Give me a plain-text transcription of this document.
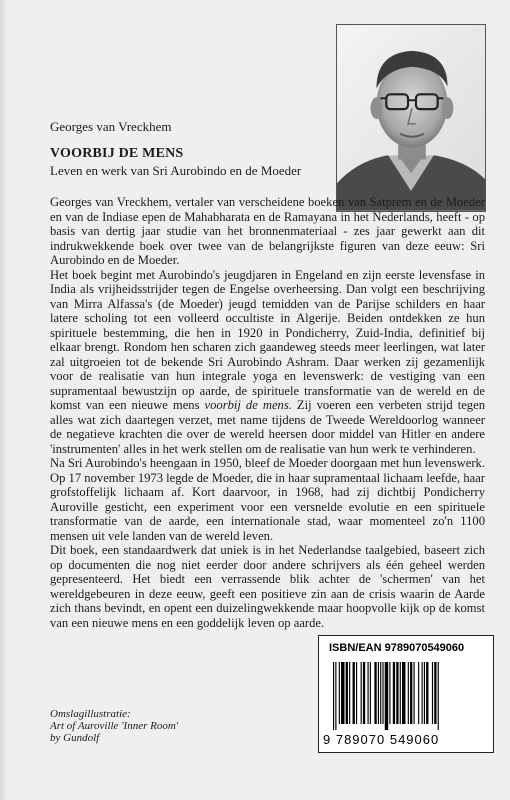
Georges van Vreckhem
VOORBIJ DE MENS
Leven en werk van Sri Aurobindo en de Moeder

Georges van Vreckhem, vertaler van verscheidene boeken van Satprem en de Moeder en van de Indiase epen de Mahabharata en de Ramayana in het Nederlands, heeft - op basis van dertig jaar studie van het bronnenmateriaal - zes jaar gewerkt aan dit indrukwekkende boek over twee van de belangrijkste figuren van deze eeuw: Sri Aurobindo en de Moeder.

Het boek begint met Aurobindo's jeugdjaren in Engeland en zijn eerste levensfase in India als vrijheidsstrijder tegen de Engelse overheersing. Dan volgt een beschrijving van Mirra Alfassa's (de Moeder) jeugd temidden van de Parijse schilders en haar latere scholing tot een volleerd occultiste in Algerije. Beiden ontdekken ze hun spirituele bestemming, die hen in 1920 in Pondicherry, Zuid-India, definitief bij elkaar brengt. Rondom hen scharen zich gaandeweg steeds meer leerlingen, wat later zal uitgroeien tot de bekende Sri Aurobindo Ashram. Daar werken zij gezamenlijk voor de realisatie van hun integrale yoga en levenswerk: de vestiging van een supramentaal bewustzijn op aarde, de spirituele transformatie van de wereld en de komst van een nieuwe mens voorbij de mens. Zij voeren een verbeten strijd tegen alles wat zich daartegen verzet, met name tijdens de Tweede Wereldoorlog wanneer de negatieve krachten die over de wereld heersen door middel van Hitler en andere 'instrumenten' alles in het werk stellen om de realisatie van hun werk te verhinderen.

Na Sri Aurobindo's heengaan in 1950, bleef de Moeder doorgaan met hun levenswerk. Op 17 november 1973 legde de Moeder, die in haar supramentaal lichaam leefde, haar grofstoffelijk lichaam af. Kort daarvoor, in 1968, had zij dichtbij Pondicherry Auroville gesticht, een experiment voor een versnelde evolutie en een spirituele transformatie van de aarde, een internationale stad, waar momenteel zo'n 1100 mensen uit vele landen van de wereld leven.

Dit boek, een standaardwerk dat uniek is in het Nederlandse taalgebied, baseert zich op documenten die nog niet eerder door andere schrijvers als één geheel werden gepresenteerd. Het biedt een verrassende blik achter de 'schermen' van het wereldgebeuren in deze eeuw, geeft een positieve zin aan de crisis waarin de Aarde zich thans bevindt, en opent een duizelingwekkende maar hoopvolle kijk op de komst van een nieuwe mens en een goddelijk leven op aarde.

Omslagillustratie:
Art of Auroville 'Inner Room'
by Gundolf
ISBN/EAN 9789070549060
9 789070 549060
